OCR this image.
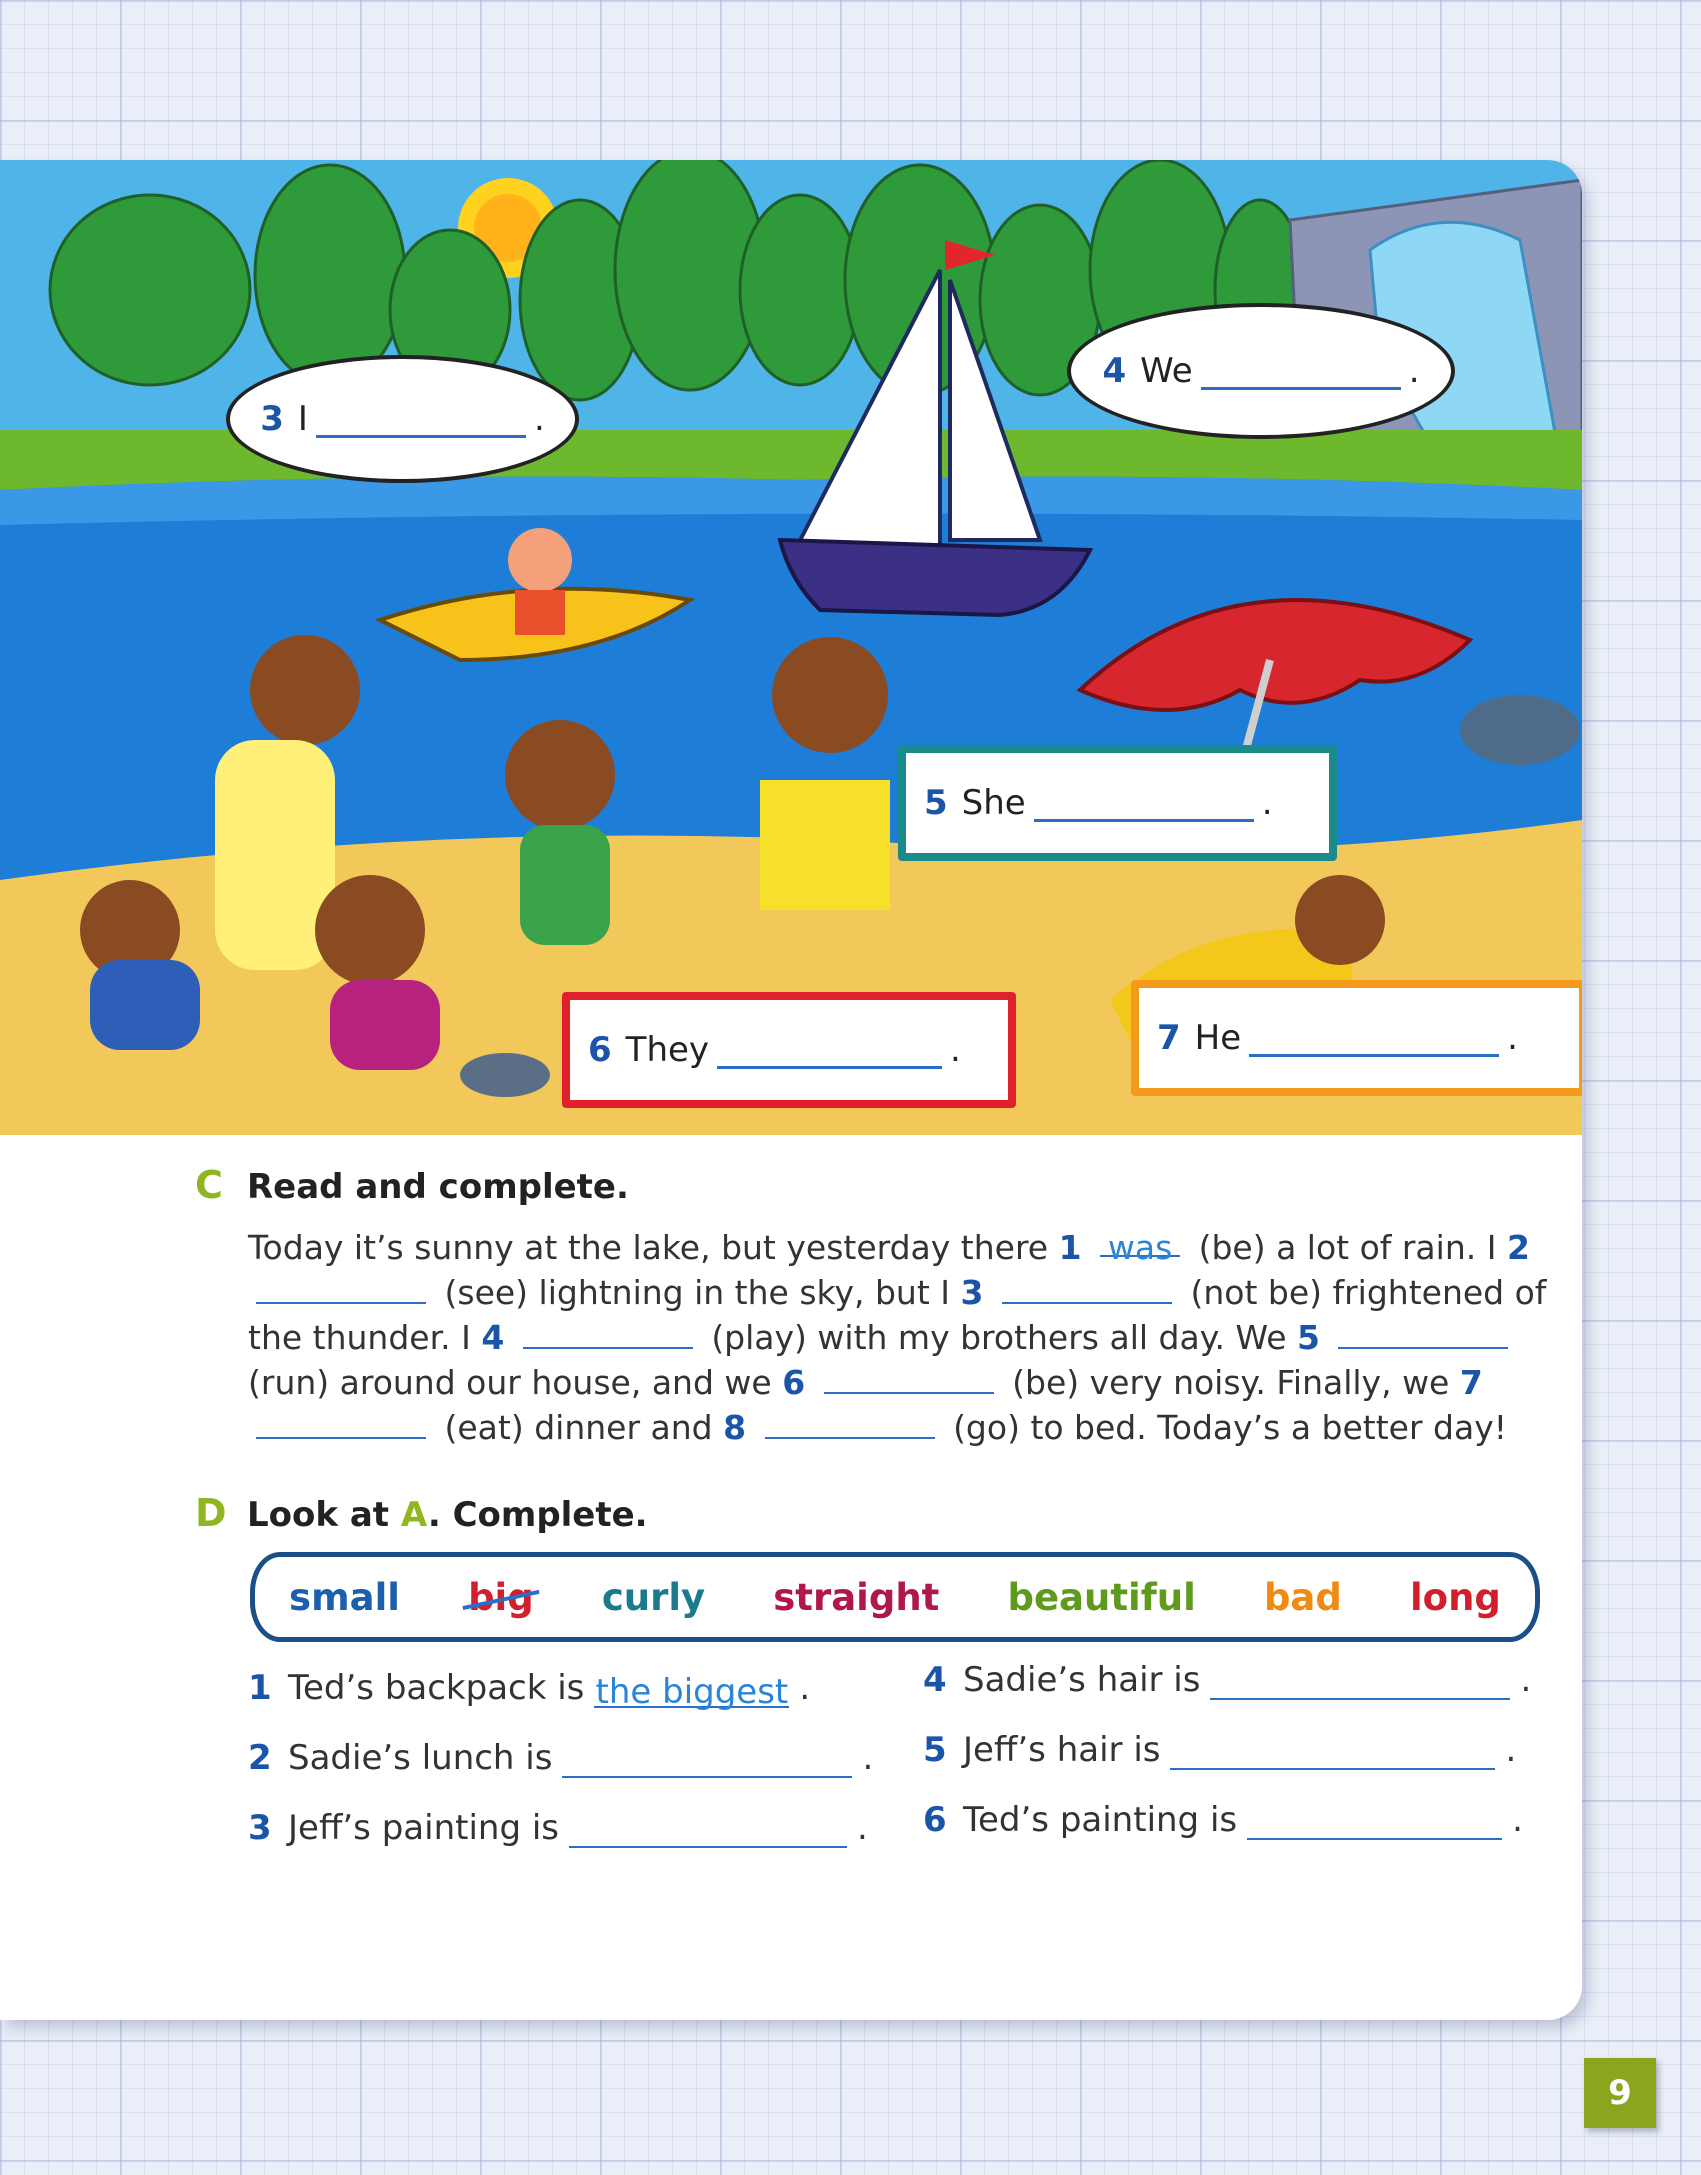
3 I	.
4 We	.
5 She	.
6 They	.	7 He	.
C Read and complete.
Today it’s sunny at the lake, but yesterday there 1 was (be) a lot of rain. I 2  (see) lightning in the sky, but I 3	(not be) frightened of the thunder. I 4	(play) with my brothers all day. We 5  (run) around our house, and we 6	(be) very noisy. Finally, we 7  (eat) dinner and 8	(go) to bed. Today’s a better day!
D Look at A. Complete.
small big curly straight beautiful bad long
1 Ted’s backpack is the biggest .
2 Sadie’s lunch is	.
3 Jeff’s painting is	.
4 Sadie’s hair is	.
5 Jeff’s hair is	.
6 Ted’s painting is	.
9
